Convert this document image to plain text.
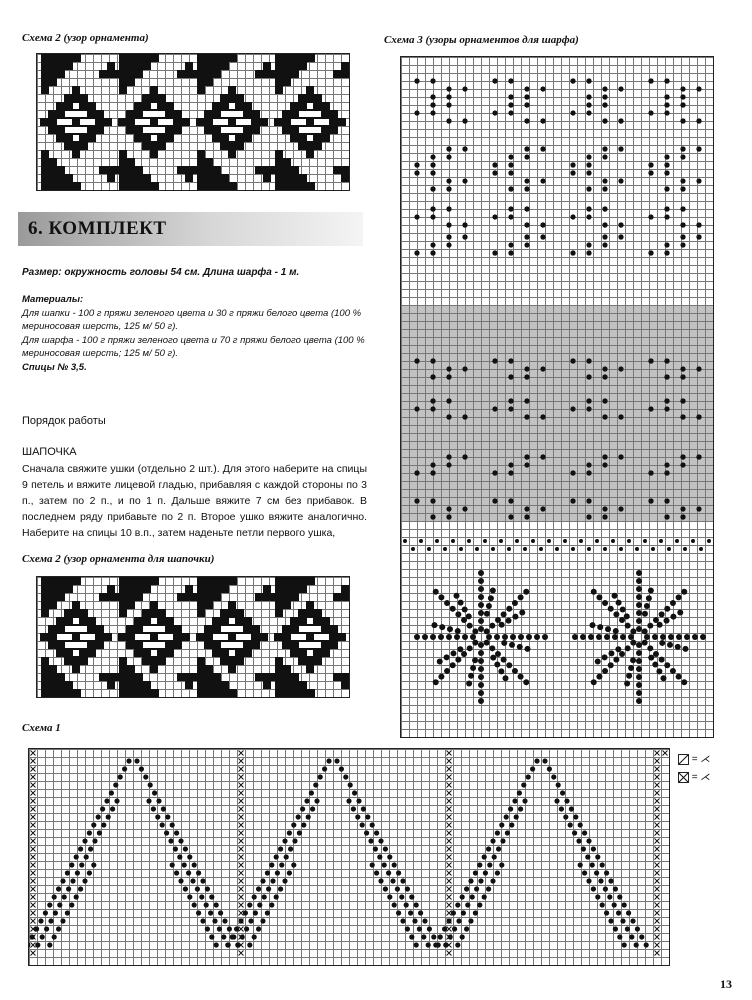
Схема 2 (узор орнамента)	Схема 3 (узоры орнаментов для шарфа)
Схема 2 (узор орнамента для шапочки)
Схема 1
6. КОМПЛЕКТ
Размер: окружность головы 54 см. Длина шарфа - 1 м.
Материалы:
Для шапки - 100 г пряжи зеленого цвета и 30 г пряжи белого цвета (100 % мериносовая шерсть, 125 м/ 50 г).
Для шарфа - 100 г пряжи зеленого цвета и 70 г пряжи белого цвета (100 % мериносовая шерсть; 125 м/ 50 г).
Спицы № 3,5.
Порядок работы
ШАПОЧКА
Сначала свяжите ушки (отдельно 2 шт.). Для этого наберите на спицы 9 петель и вяжите лицевой гладью, прибавляя с каждой стороны по 3 п., затем по 2 п., и по 1 п. Дальше вяжите 7 см без прибавок. В последнем ряду прибавьте по 2 п. Второе ушко вяжите аналогично. Наберите на спицы 10 в.п., затем наденьте петли первого ушка,
= ⋌
= ⋌
13
